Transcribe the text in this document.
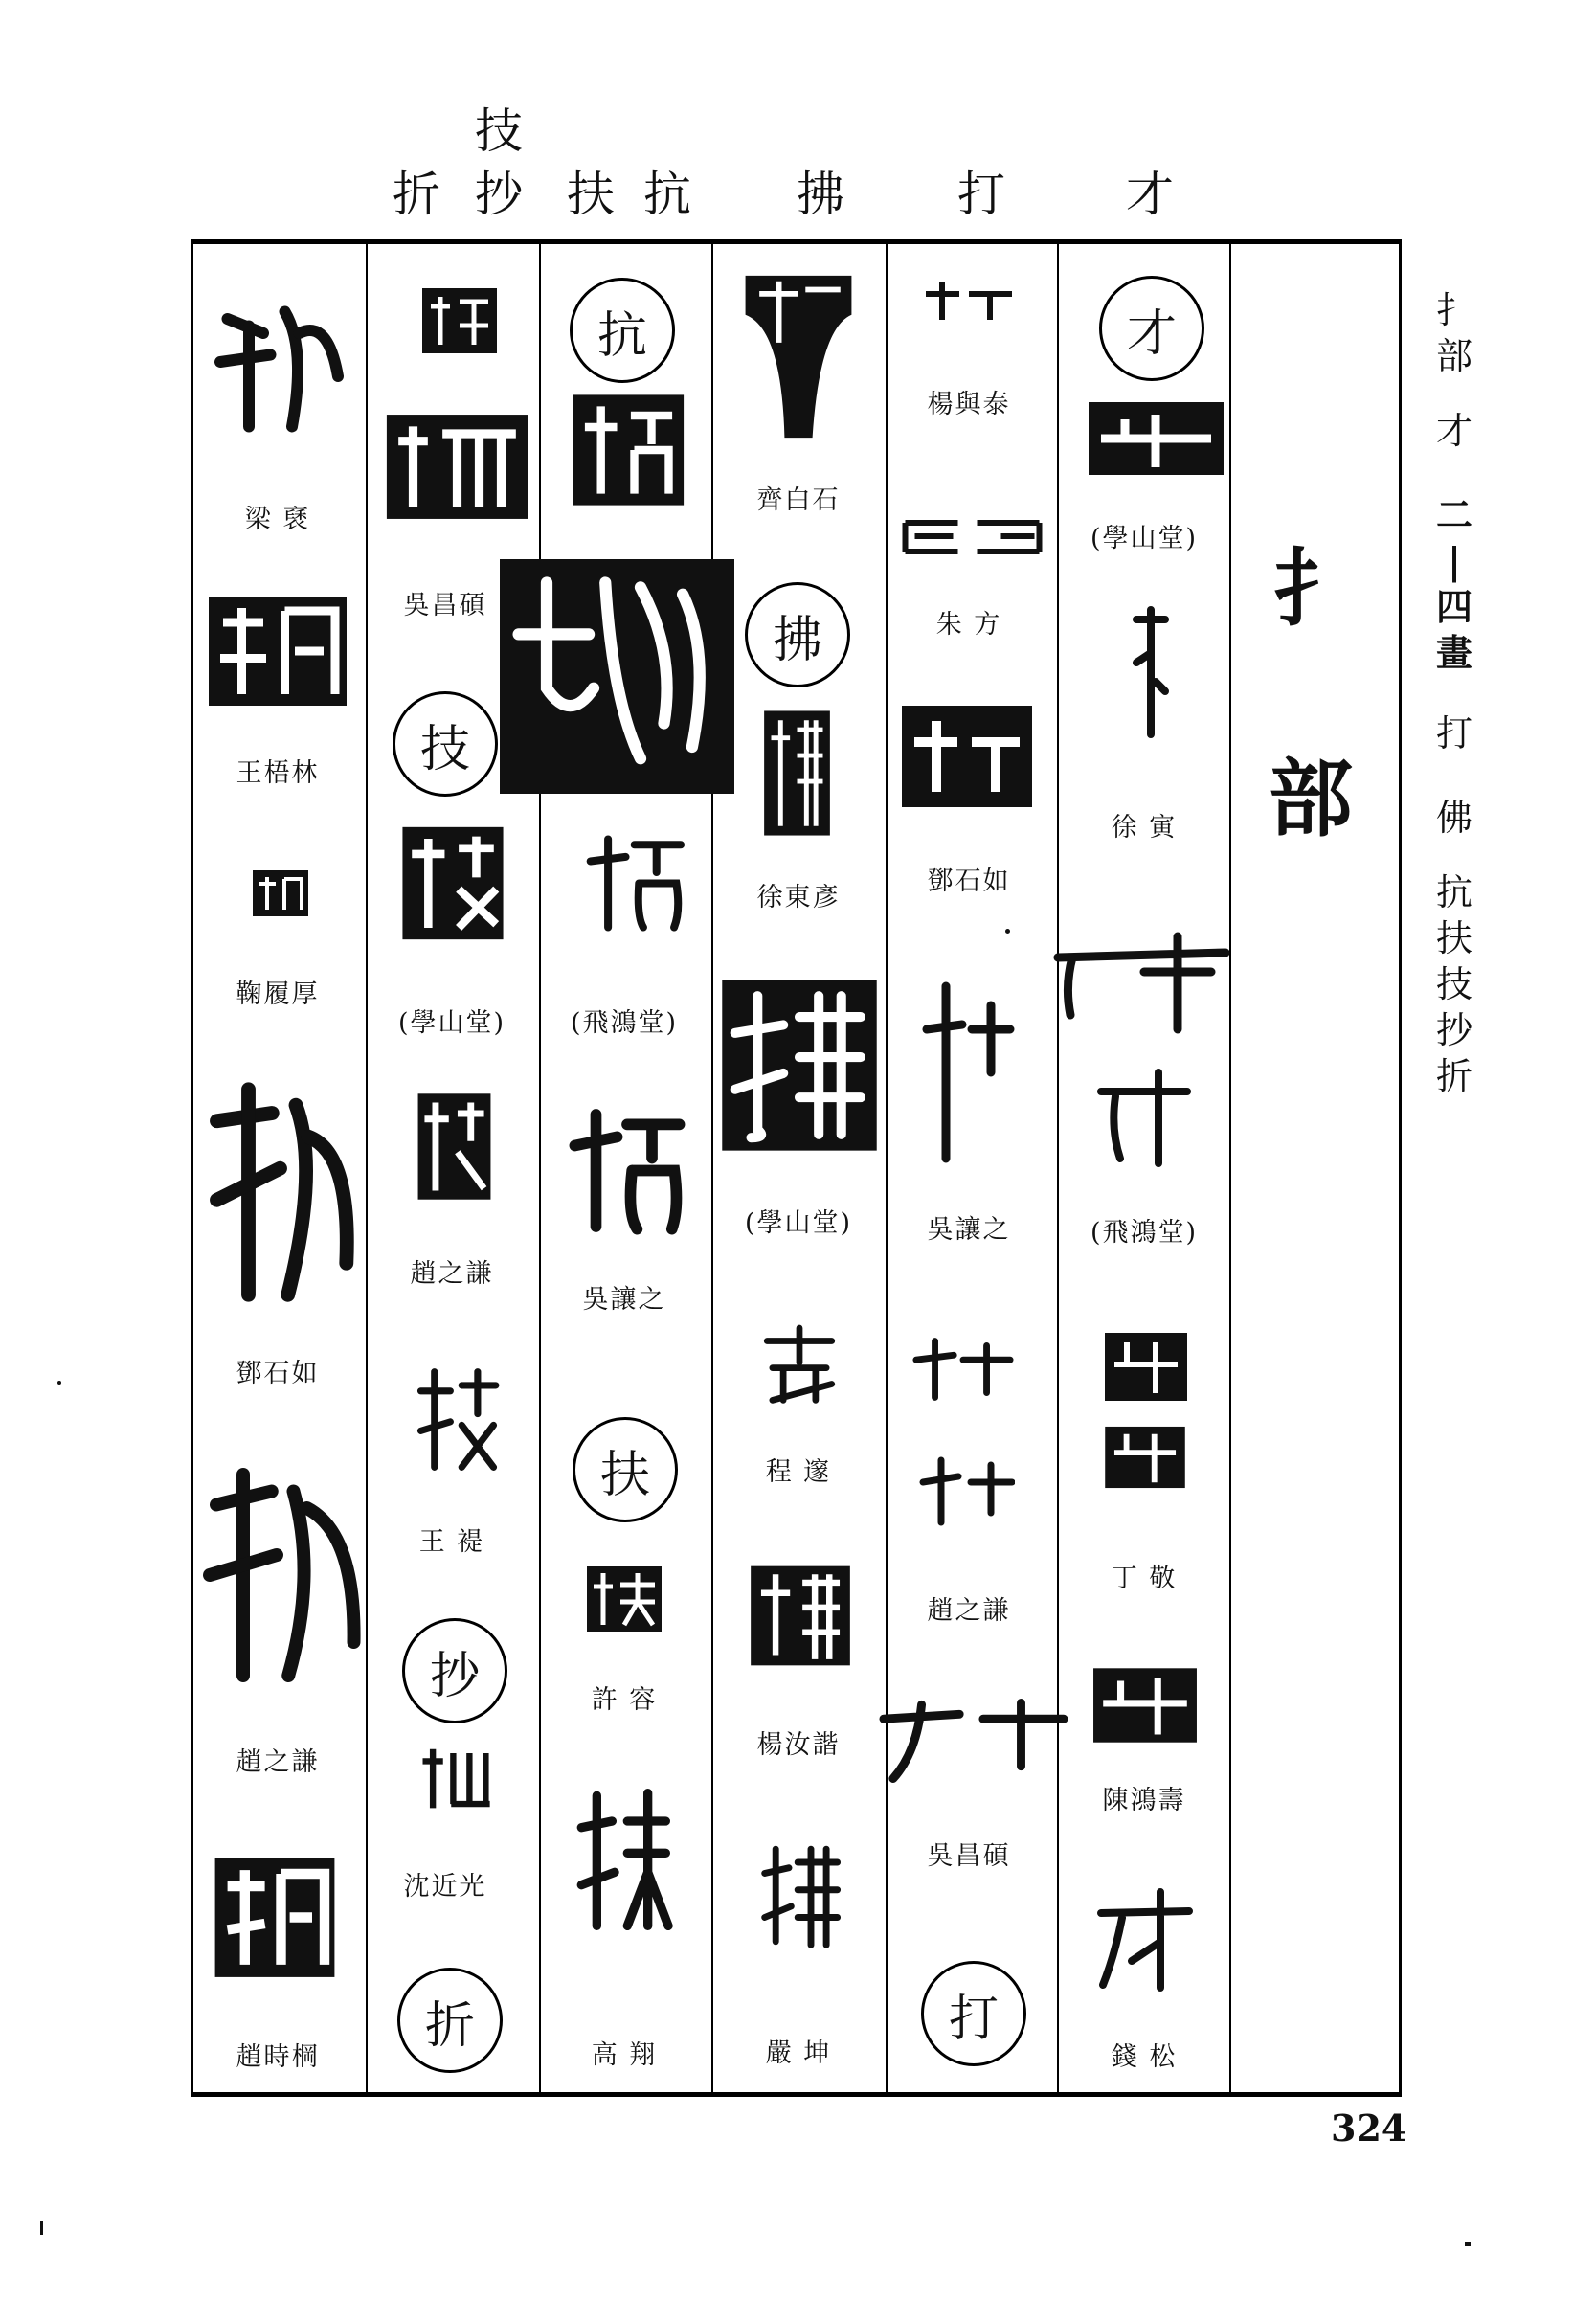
技
折 抄 扶 抗 拂 打	才
梁 褎
王梧林
鞠履厚
鄧石如
趙之謙
趙時棡
吳昌碩
技
(學山堂)
趙之謙
王 褆
抄
沈近光
折
抗
(飛鴻堂)
吳讓之
扶
許 容
高 翔
齊白石
拂
徐東彥
(學山堂)
程 邃
楊汝諧
嚴 坤
楊與泰
朱 方
鄧石如
吳讓之
趙之謙
吳昌碩
打
才
(學山堂)
徐 寅
(飛鴻堂)
丁 敬
陳鴻壽
錢 松
扌
部
扌
部
才
二
|
四
畫
打
佛
抗
扶
技
抄
折
324
